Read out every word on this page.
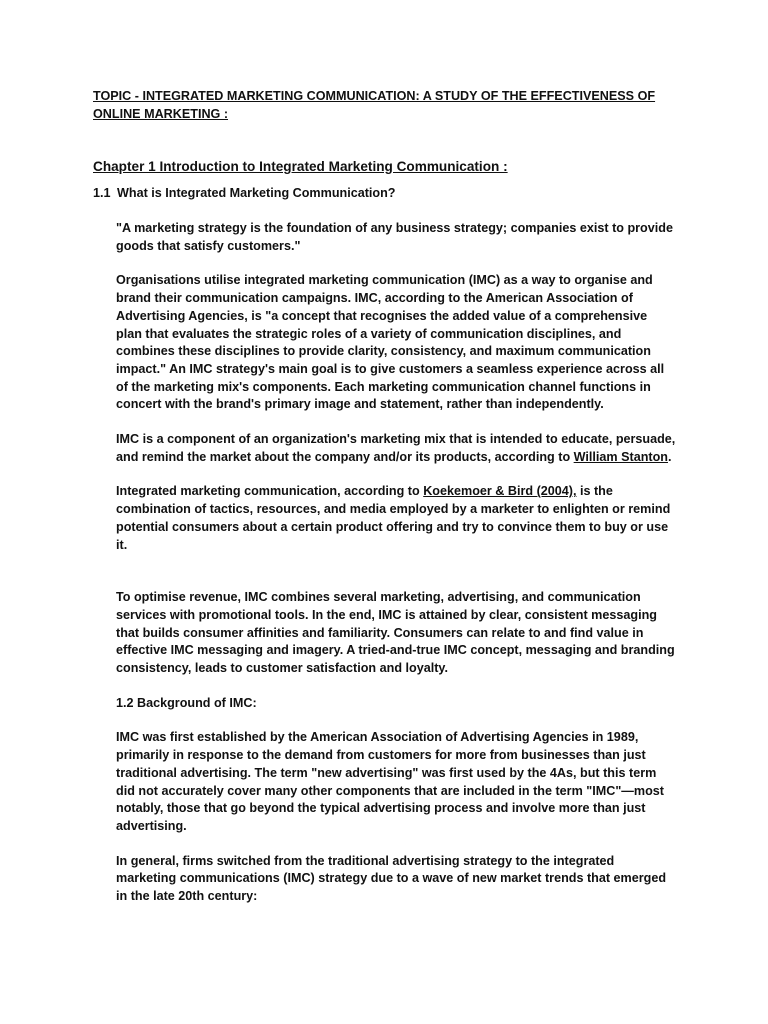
TOPIC - INTEGRATED MARKETING COMMUNICATION: A STUDY OF THE EFFECTIVENESS OF ONLINE MARKETING :

Chapter 1 Introduction to Integrated Marketing Communication :

1.1 What is Integrated Marketing Communication?

"A marketing strategy is the foundation of any business strategy; companies exist to provide goods that satisfy customers."

Organisations utilise integrated marketing communication (IMC) as a way to organise and brand their communication campaigns. IMC, according to the American Association of Advertising Agencies, is "a concept that recognises the added value of a comprehensive plan that evaluates the strategic roles of a variety of communication disciplines, and combines these disciplines to provide clarity, consistency, and maximum communication impact." An IMC strategy's main goal is to give customers a seamless experience across all of the marketing mix's components. Each marketing communication channel functions in concert with the brand's primary image and statement, rather than independently.

IMC is a component of an organization's marketing mix that is intended to educate, persuade, and remind the market about the company and/or its products, according to William Stanton.

Integrated marketing communication, according to Koekemoer & Bird (2004), is the combination of tactics, resources, and media employed by a marketer to enlighten or remind potential consumers about a certain product offering and try to convince them to buy or use it.

To optimise revenue, IMC combines several marketing, advertising, and communication services with promotional tools. In the end, IMC is attained by clear, consistent messaging that builds consumer affinities and familiarity. Consumers can relate to and find value in effective IMC messaging and imagery. A tried-and-true IMC concept, messaging and branding consistency, leads to customer satisfaction and loyalty.

1.2 Background of IMC:

IMC was first established by the American Association of Advertising Agencies in 1989, primarily in response to the demand from customers for more from businesses than just traditional advertising. The term "new advertising" was first used by the 4As, but this term did not accurately cover many other components that are included in the term "IMC"—most notably, those that go beyond the typical advertising process and involve more than just advertising.

In general, firms switched from the traditional advertising strategy to the integrated marketing communications (IMC) strategy due to a wave of new market trends that emerged in the late 20th century:
